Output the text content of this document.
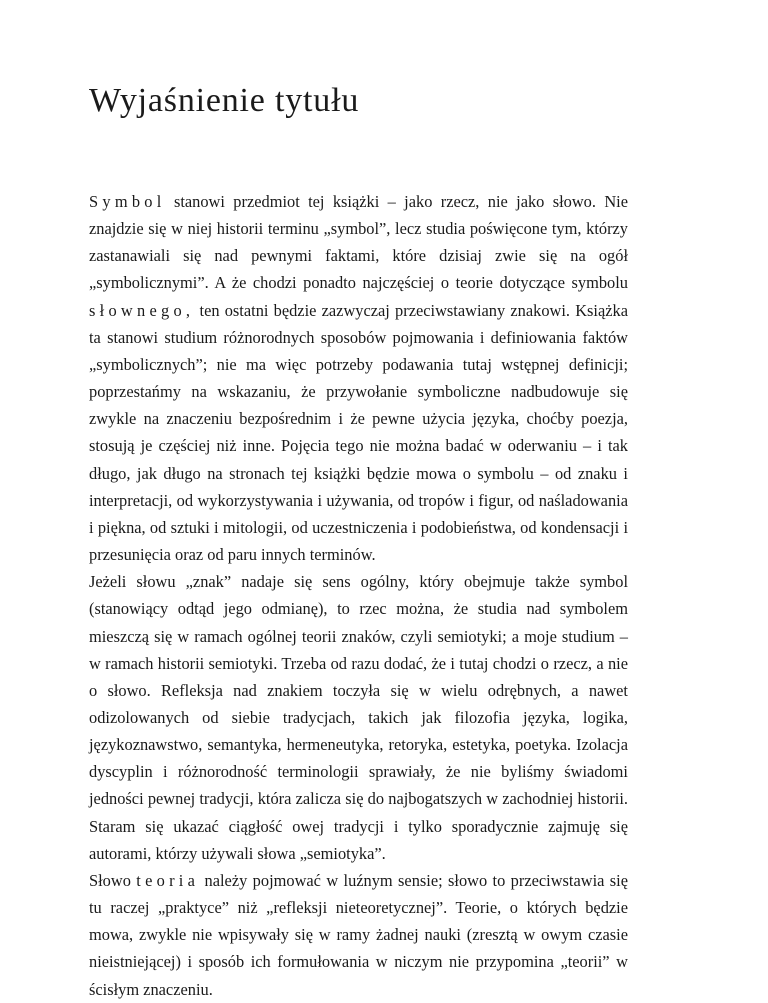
Wyjaśnienie tytułu

Symbol stanowi przedmiot tej książki – jako rzecz, nie jako słowo. Nie znajdzie się w niej historii terminu „symbol”, lecz studia poświęcone tym, którzy zastanawiali się nad pewnymi faktami, które dzisiaj zwie się na ogół „symbolicznymi”. A że chodzi ponadto najczęściej o teorie dotyczące symbolu słownego, ten ostatni będzie zazwyczaj przeciwstawiany znakowi. Książka ta stanowi studium różnorodnych sposobów pojmowania i definiowania faktów „symbolicznych”; nie ma więc potrzeby podawania tutaj wstępnej definicji; poprzestańmy na wskazaniu, że przywołanie symboliczne nadbudowuje się zwykle na znaczeniu bezpośrednim i że pewne użycia języka, choćby poezja, stosują je częściej niż inne. Pojęcia tego nie można badać w oderwaniu – i tak długo, jak długo na stronach tej książki będzie mowa o symbolu – od znaku i interpretacji, od wykorzystywania i używania, od tropów i figur, od naśladowania i piękna, od sztuki i mitologii, od uczestniczenia i podobieństwa, od kondensacji i przesunięcia oraz od paru innych terminów.

Jeżeli słowu „znak” nadaje się sens ogólny, który obejmuje także symbol (stanowiący odtąd jego odmianę), to rzec można, że studia nad symbolem mieszczą się w ramach ogólnej teorii znaków, czyli semiotyki; a moje studium – w ramach historii semiotyki. Trzeba od razu dodać, że i tutaj chodzi o rzecz, a nie o słowo. Refleksja nad znakiem toczyła się w wielu odrębnych, a nawet odizolowanych od siebie tradycjach, takich jak filozofia języka, logika, językoznawstwo, semantyka, hermeneutyka, retoryka, estetyka, poetyka. Izolacja dyscyplin i różnorodność terminologii sprawiały, że nie byliśmy świadomi jedności pewnej tradycji, która zalicza się do najbogatszych w zachodniej historii. Staram się ukazać ciągłość owej tradycji i tylko sporadycznie zajmuję się autorami, którzy używali słowa „semiotyka”.

Słowo teoria należy pojmować w luźnym sensie; słowo to przeciwstawia się tu raczej „praktyce” niż „refleksji nieteoretycznej”. Teorie, o których będzie mowa, zwykle nie wpisywały się w ramy żadnej nauki (zresztą w owym czasie nieistniejącej) i sposób ich formułowania w niczym nie przypomina „teorii” w ścisłym znaczeniu.
